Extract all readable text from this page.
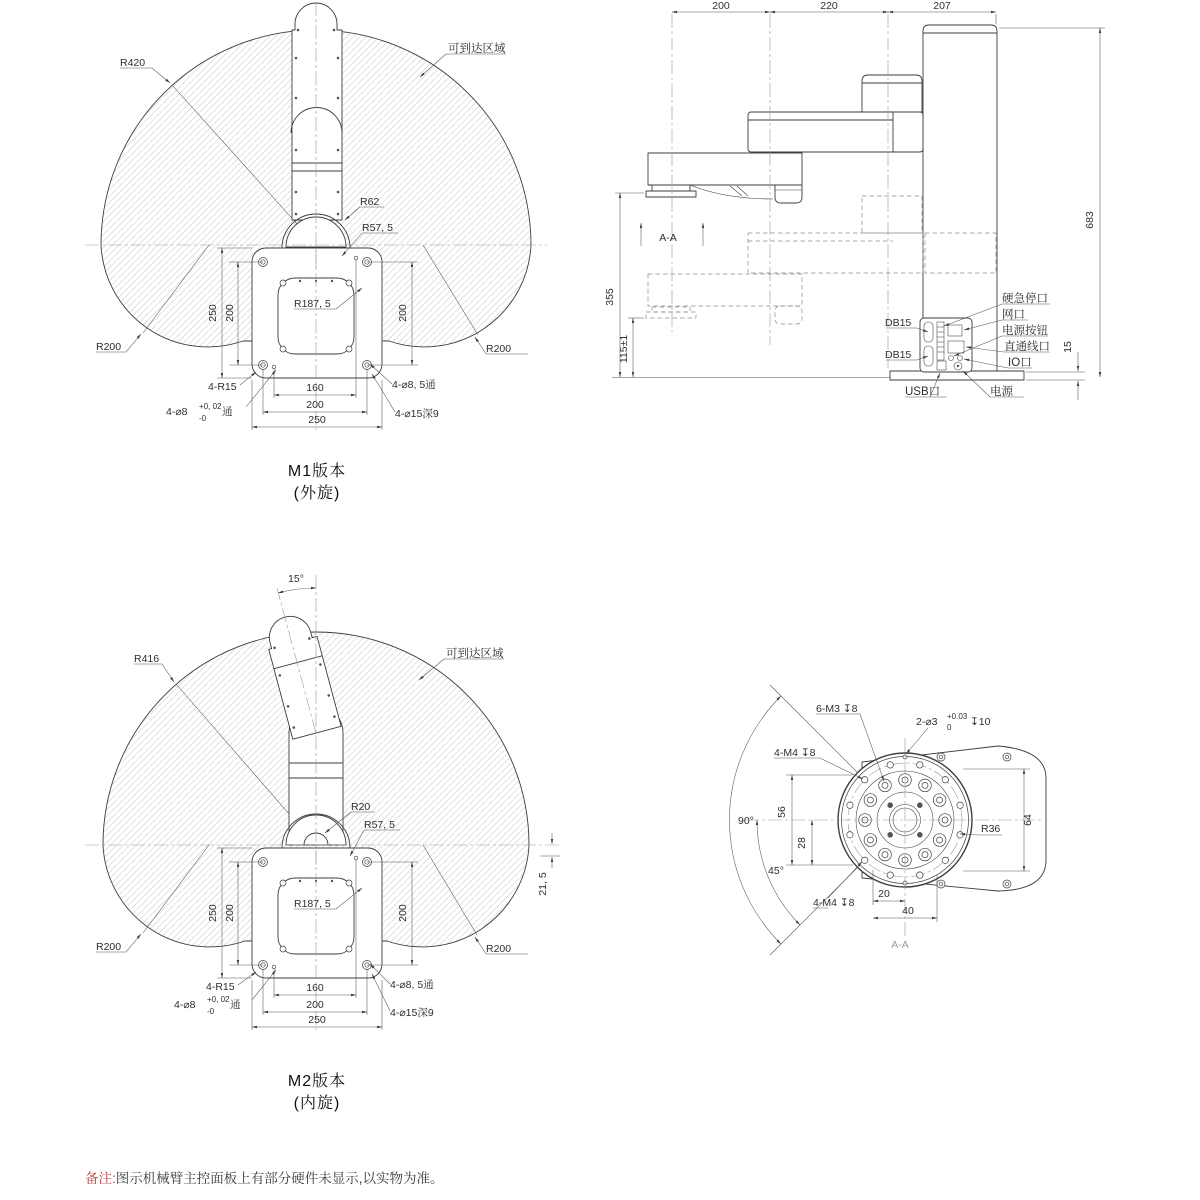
R420
可到达区域
R62
R57, 5
R187, 5
R200	R200
250 200	200
160
200
250
4-R15	4-⌀8, 5通
4-⌀15深9
4-⌀8 +0, 02 -0 通
200	220	207
683
355
115±1	15
A-A
DB15
DB15
硬急停口
网口
电源按钮
直通线口
IO口
USB口	电源
15°
R416	可到达区域
R20
R57, 5
R187, 5
R200	R200
250 200	200
21, 5
160
200
250
4-R15	4-⌀8, 5通
4-⌀15深9
4-⌀8 +0, 02 -0 通
6-M3 ↧8
2-⌀3 +0.03 0 ↧10
4-M4 ↧8
4-M4 ↧8
90°
45°
56
28
64
20
40
R36
A-A
M1版本
(外旋)
M2版本
(内旋)
备注:图示机械臂主控面板上有部分硬件未显示,以实物为准。
